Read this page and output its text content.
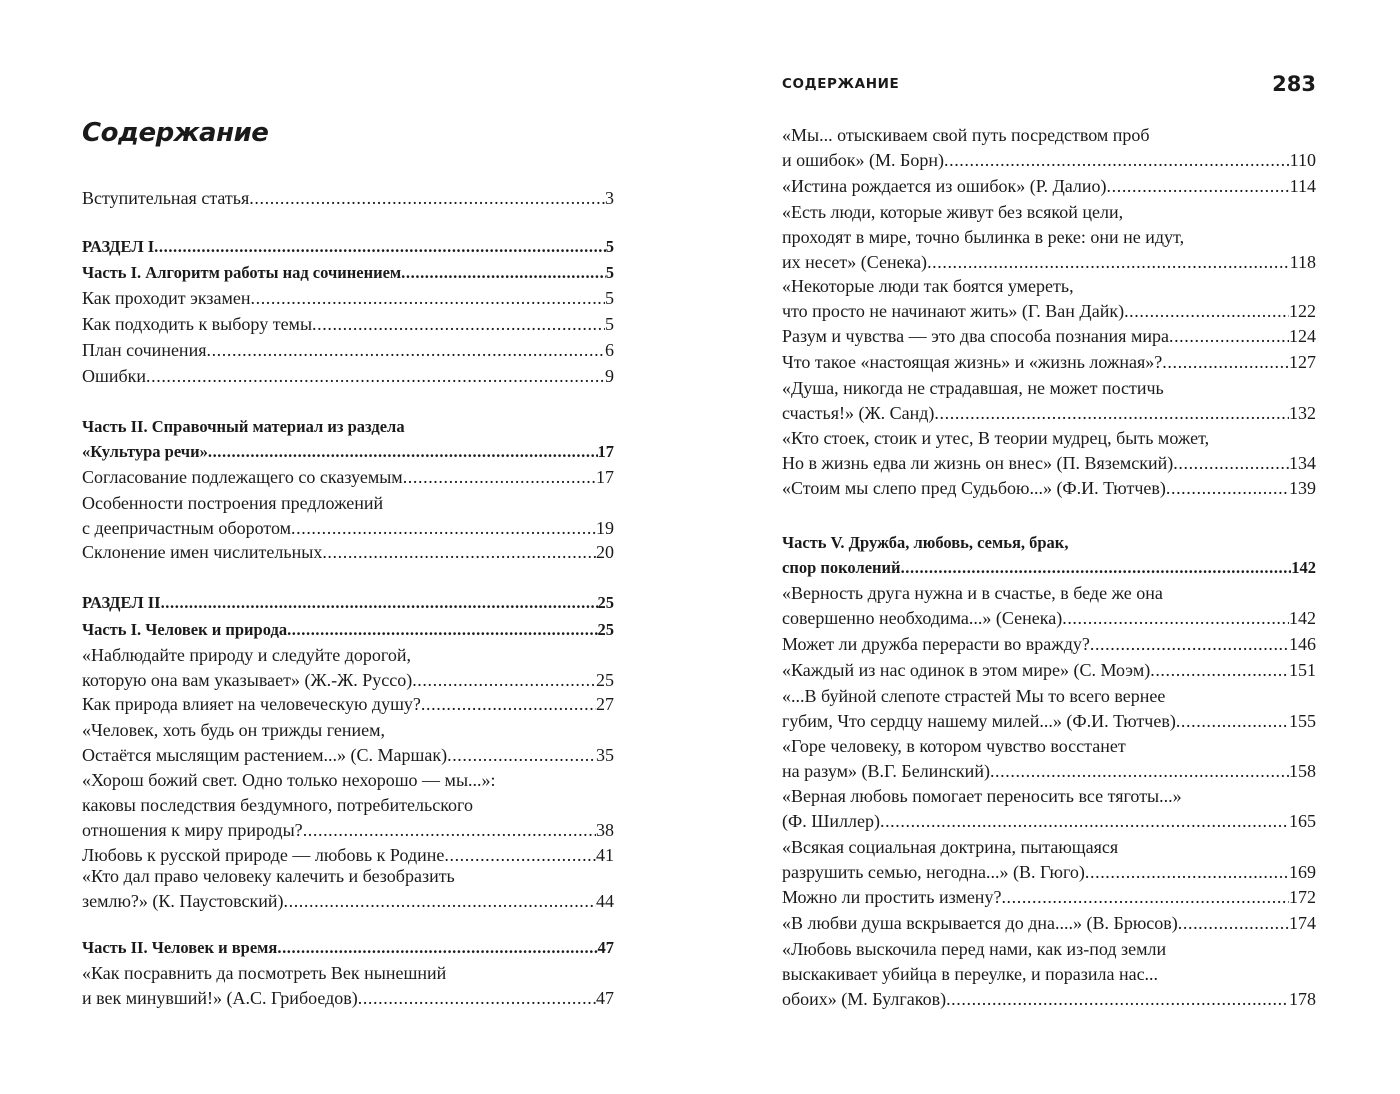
Содержание
Вступительная статья .....	3
РАЗДЕЛ I .....	5
Часть I. Алгоритм работы над сочинением .....	5
Как проходит экзамен .....	5
Как подходить к выбору темы .....	5
План сочинения .....	6
Ошибки .....	9
Часть II. Справочный материал из раздела
«Культура речи» .....	17
Согласование подлежащего со сказуемым .....	17
Особенности построения предложений
с деепричастным оборотом .....	19
Склонение имен числительных .....	20
РАЗДЕЛ II .....	25
Часть I. Человек и природа .....	25
«Наблюдайте природу и следуйте дорогой,
которую она вам указывает» (Ж.-Ж. Руссо) .....	25
Как природа влияет на человеческую душу? .....	27
«Человек, хоть будь он трижды гением,
Остаётся мыслящим растением...» (С. Маршак) .....	35
«Хорош божий свет. Одно только нехорошо — мы...»:
каковы последствия бездумного, потребительского
отношения к миру природы? .....	38
Любовь к русской природе — любовь к Родине .....	41
«Кто дал право человеку калечить и безобразить
землю?» (К. Паустовский) .....	44
Часть II. Человек и время .....	47
«Как посравнить да посмотреть Век нынешний
и век минувший!» (А.С. Грибоедов) .....	47
СОДЕРЖАНИЕ	283
«Мы... отыскиваем свой путь посредством проб
и ошибок» (М. Борн) .....	110
«Истина рождается из ошибок» (Р. Далио) .....	114
«Есть люди, которые живут без всякой цели,
проходят в мире, точно былинка в реке: они не идут,
их несет» (Сенека) .....	118
«Некоторые люди так боятся умереть,
что просто не начинают жить» (Г. Ван Дайк) .....	122
Разум и чувства — это два способа познания мира .....	124
Что такое «настоящая жизнь» и «жизнь ложная»? .....	127
«Душа, никогда не страдавшая, не может постичь
счастья!» (Ж. Санд) .....	132
«Кто стоек, стоик и утес, В теории мудрец, быть может,
Но в жизнь едва ли жизнь он внес» (П. Вяземский) .....	134
«Стоим мы слепо пред Судьбою...» (Ф.И. Тютчев) .....	139
Часть V. Дружба, любовь, семья, брак,
спор поколений .....	142
«Верность друга нужна и в счастье, в беде же она
совершенно необходима...» (Сенека) .....	142
Может ли дружба перерасти во вражду? .....	146
«Каждый из нас одинок в этом мире» (С. Моэм) .....	151
«...В буйной слепоте страстей Мы то всего вернее
губим, Что сердцу нашему милей...» (Ф.И. Тютчев) .....	155
«Горе человеку, в котором чувство восстанет
на разум» (В.Г. Белинский) .....	158
«Верная любовь помогает переносить все тяготы...»
(Ф. Шиллер) .....	165
«Всякая социальная доктрина, пытающаяся
разрушить семью, негодна...» (В. Гюго) .....	169
Можно ли простить измену? .....	172
«В любви душа вскрывается до дна....» (В. Брюсов) .....	174
«Любовь выскочила перед нами, как из-под земли
выскакивает убийца в переулке, и поразила нас...
обоих» (М. Булгаков) .....	178
